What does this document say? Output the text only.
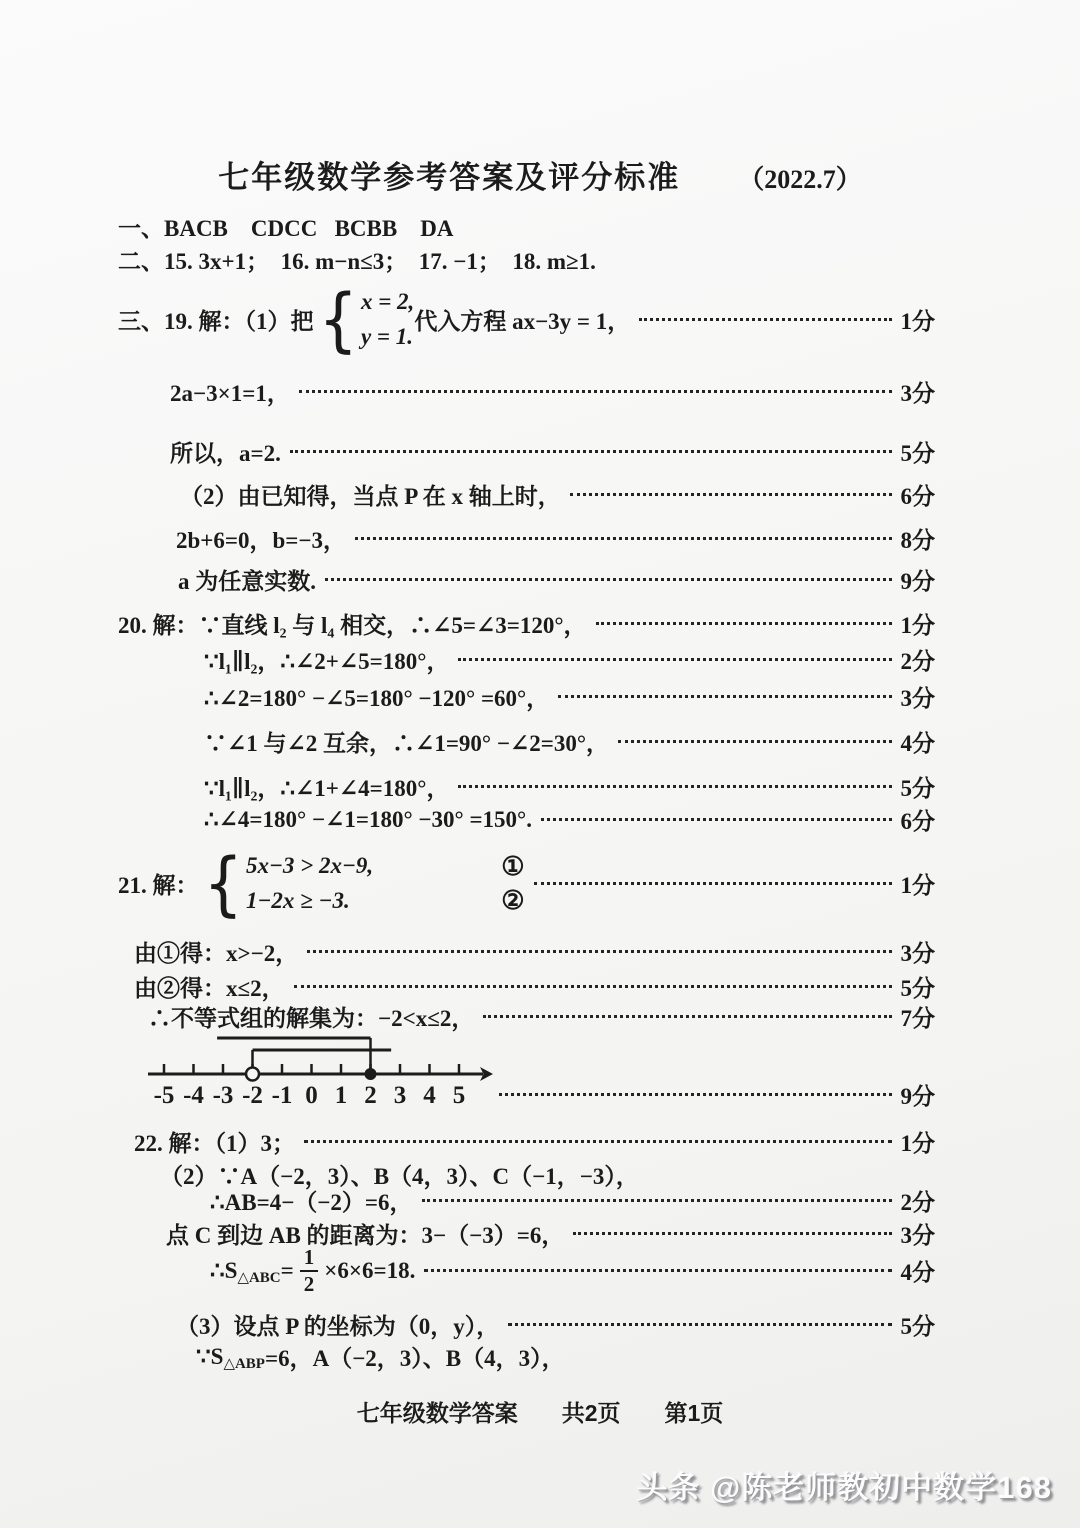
七年级数学参考答案及评分标准 （2022.7）
一、BACB    CDCC   BCBB    DA
二、15. 3x+1；  16. m−n≤3；  17. −1；  18. m≥1.
三、19. 解：（1）把 { x = 2,
y = 1.
代入方程 ax−3y = 1，	1分
2a−3×1=1，	3分
所以，a=2.	5分
（2）由已知得，当点 P 在 x 轴上时，	6分
2b+6=0，b=−3，	8分
a 为任意实数.	9分
20. 解：∵直线 l₂ 与 l₄ 相交，∴∠5=∠3=120°，	1分
∵l₁∥l₂，∴∠2+∠5=180°，	2分
∴∠2=180° −∠5=180° −120° =60°，	3分
∵∠1 与∠2 互余，∴∠1=90° −∠2=30°，	4分
∵l₁∥l₂，∴∠1+∠4=180°，	5分
∴∠4=180° −∠1=180° −30° =150°.	6分
21. 解： { 5x−3 > 2x−9,
1−2x ≥ −3.
①
②	1分
由①得：x>−2，	3分
由②得：x≤2，	5分
∴不等式组的解集为：−2<x≤2，	7分
-5 -4 -3 -2 -1 0 1 2 3 4 5	9分
22. 解：（1）3；	1分
（2）∵A（−2，3）、B（4，3）、C（−1，−3），
∴AB=4−（−2）=6，	2分
点 C 到边 AB 的距离为：3−（−3）=6，	3分
∴S △ABC = $\frac{1}{2} \times 6\times 6=18$.	4分
（3）设点 P 的坐标为（0，y），	5分
∵S △ABP =6，A（−2，3）、B（4，3），
七年级数学答案 共2页 第1页
头条 @陈老师教初中数学168
